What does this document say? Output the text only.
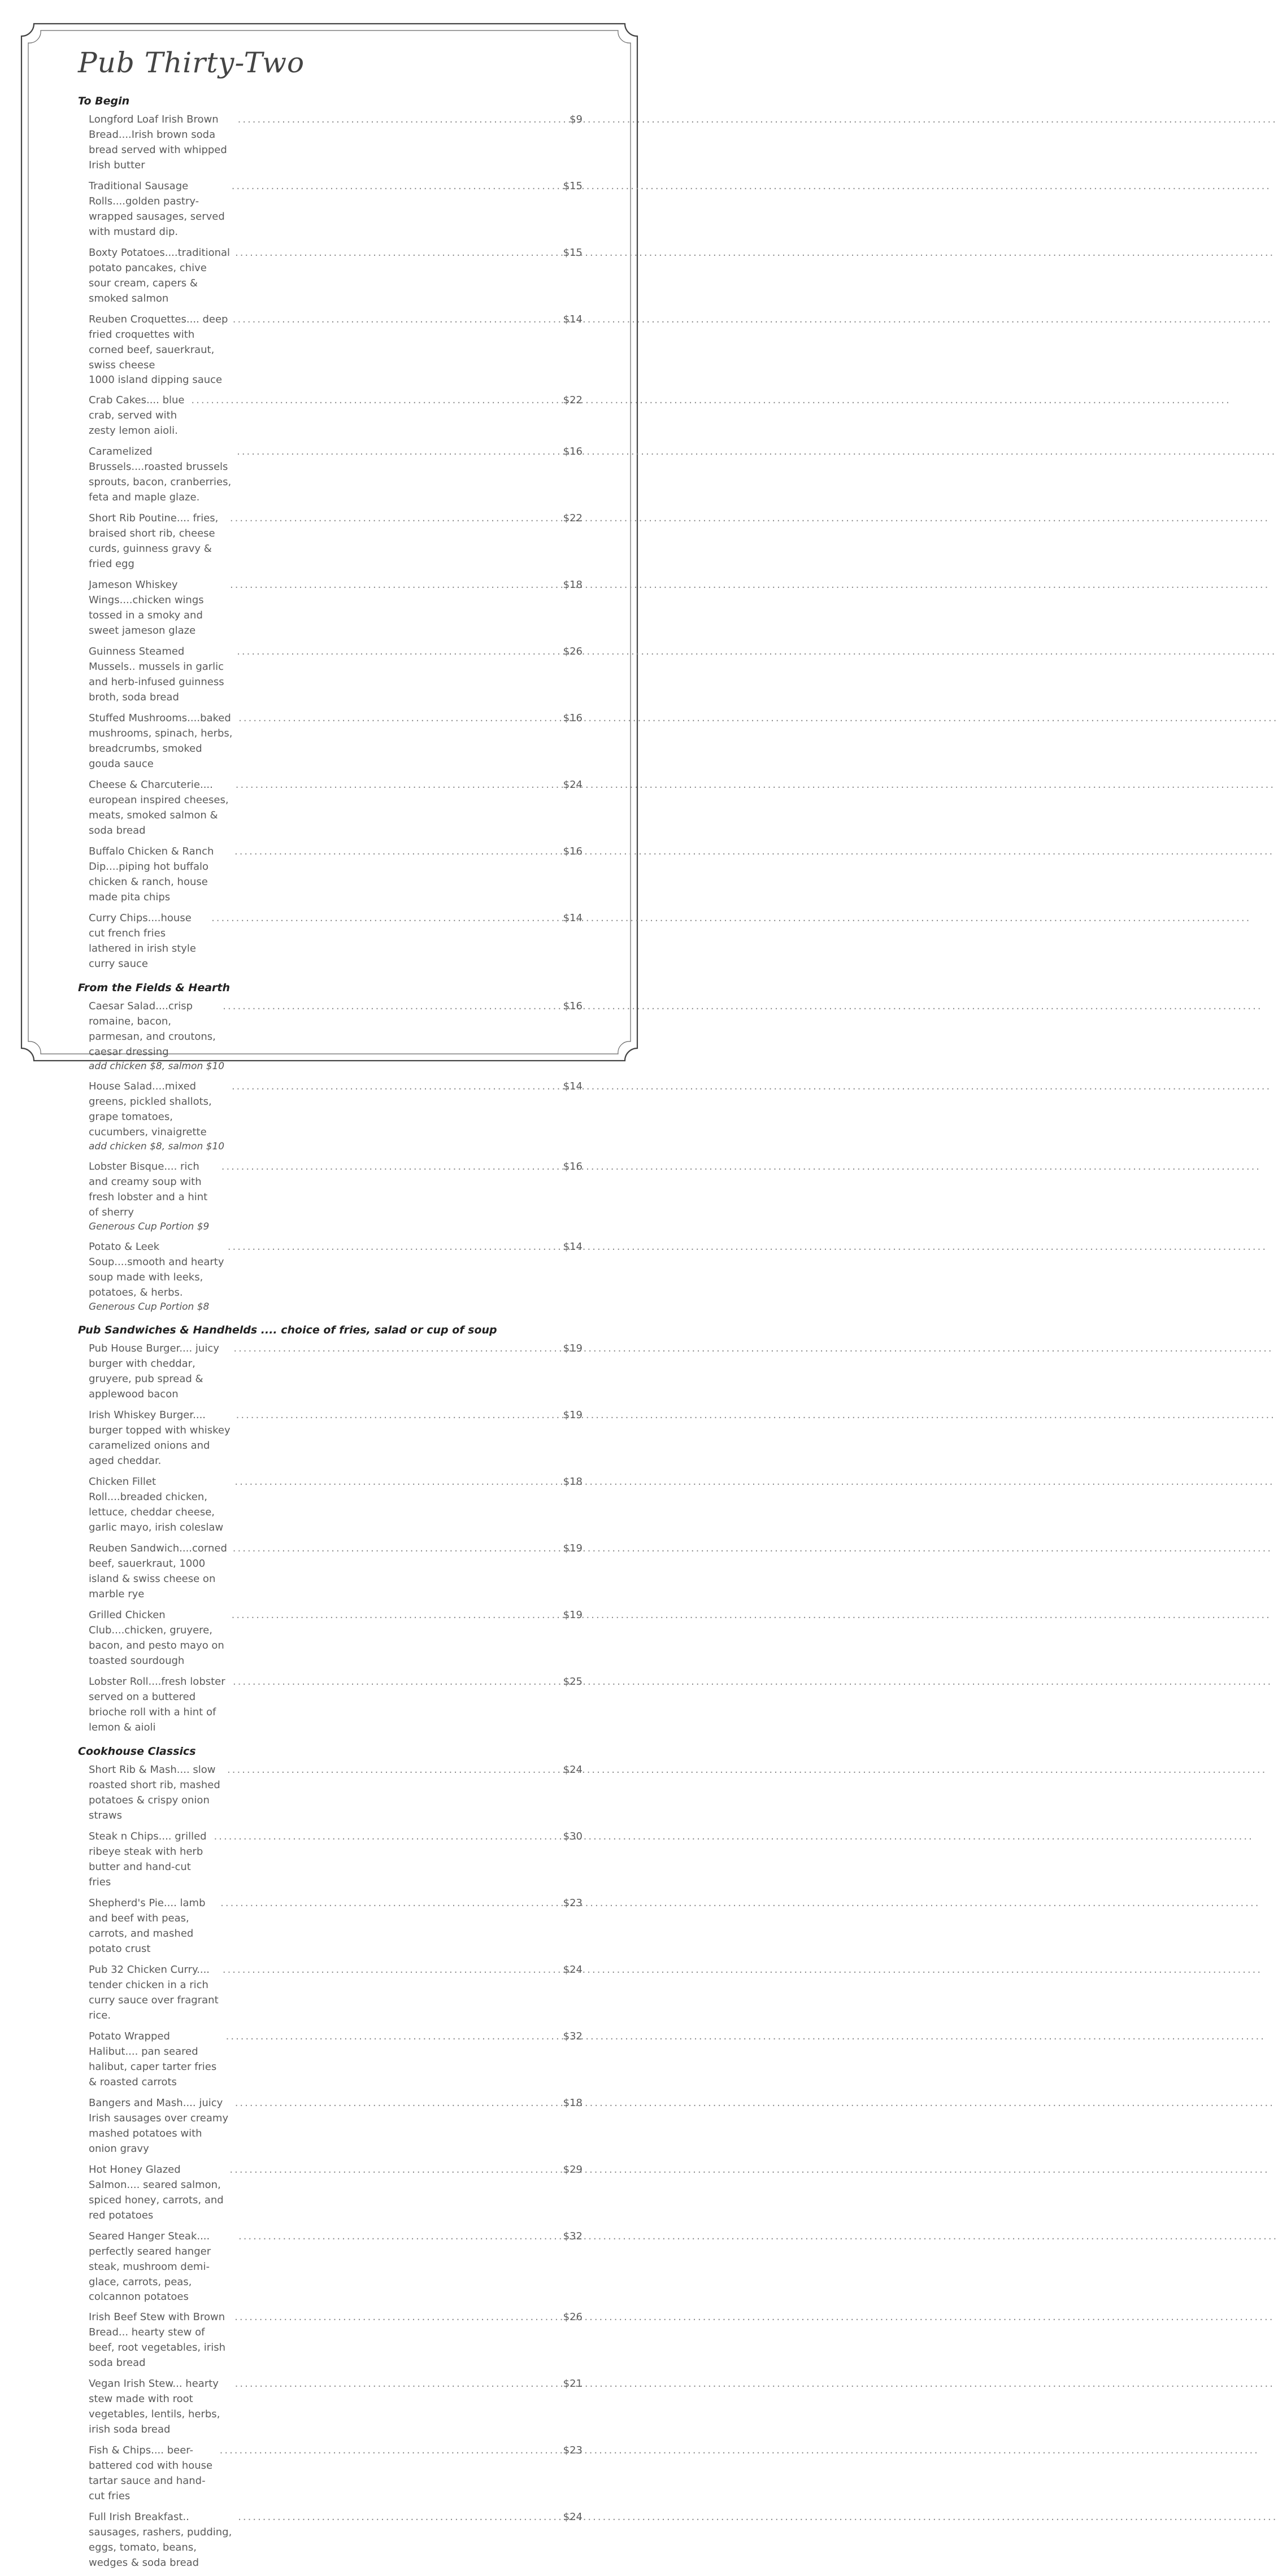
Pub Thirty-Two
To Begin
Longford Loaf Irish Brown Bread....Irish brown soda bread served with whipped Irish butter
.....
$9
Traditional Sausage Rolls....golden pastry-wrapped sausages, served with mustard dip.
.....
$15
Boxty Potatoes....traditional potato pancakes, chive sour cream, capers & smoked salmon
.....
$15
Reuben Croquettes.... deep fried croquettes with corned beef, sauerkraut, swiss cheese
.....
$14
1000 island dipping sauce
Crab Cakes.... blue crab, served with zesty lemon aioli.
.....
$22
Caramelized Brussels....roasted brussels sprouts, bacon, cranberries, feta and maple glaze.
.....
$16
Short Rib Poutine.... fries, braised short rib, cheese curds, guinness gravy & fried egg
.....
$22
Jameson Whiskey Wings....chicken wings tossed in a smoky and sweet jameson glaze
.....
$18
Guinness Steamed Mussels.. mussels in garlic and herb-infused guinness broth, soda bread
.....
$26
Stuffed Mushrooms....baked mushrooms, spinach, herbs, breadcrumbs, smoked gouda sauce
.....
$16
Cheese & Charcuterie.... european inspired cheeses, meats, smoked salmon & soda bread
.....
$24
Buffalo Chicken & Ranch Dip....piping hot buffalo chicken & ranch, house made pita chips
.....
$16
Curry Chips....house cut french fries lathered in irish style curry sauce
.....
$14
From the Fields & Hearth
Caesar Salad....crisp romaine, bacon, parmesan, and croutons, caesar dressing
.....
$16
add chicken $8, salmon $10
House Salad....mixed greens, pickled shallots, grape tomatoes, cucumbers, vinaigrette
.....
$14
add chicken $8, salmon $10
Lobster Bisque.... rich and creamy soup with fresh lobster and a hint of sherry
.....
$16
Generous Cup Portion $9
Potato & Leek Soup....smooth and hearty soup made with leeks, potatoes, & herbs.
.....
$14
Generous Cup Portion $8
Pub Sandwiches & Handhelds .... choice of fries, salad or cup of soup
Pub House Burger.... juicy burger with cheddar, gruyere, pub spread & applewood bacon
.....
$19
Irish Whiskey Burger.... burger topped with whiskey caramelized onions and aged cheddar.
.....
$19
Chicken Fillet Roll....breaded chicken, lettuce, cheddar cheese, garlic mayo, irish coleslaw
.....
$18
Reuben Sandwich....corned beef, sauerkraut, 1000 island & swiss cheese on marble rye
.....
$19
Grilled Chicken Club....chicken, gruyere, bacon, and pesto mayo on toasted sourdough
.....
$19
Lobster Roll....fresh lobster served on a buttered brioche roll with a hint of lemon & aioli
.....
$25
Cookhouse Classics
Short Rib & Mash.... slow roasted short rib, mashed potatoes & crispy onion straws
.....
$24
Steak n Chips.... grilled ribeye steak with herb butter and hand-cut fries
.....
$30
Shepherd's Pie.... lamb and beef with peas, carrots, and mashed potato crust
.....
$23
Pub 32 Chicken Curry.... tender chicken in a rich curry sauce over fragrant rice.
.....
$24
Potato Wrapped Halibut.... pan seared halibut, caper tarter fries & roasted carrots
.....
$32
Bangers and Mash.... juicy Irish sausages over creamy mashed potatoes with onion gravy
.....
$18
Hot Honey Glazed Salmon.... seared salmon, spiced honey, carrots, and red potatoes
.....
$29
Seared Hanger Steak.... perfectly seared hanger steak, mushroom demi-glace, carrots, peas,
.....
$32
colcannon potatoes
Irish Beef Stew with Brown Bread... hearty stew of beef, root vegetables, irish soda bread
.....
$26
Vegan Irish Stew... hearty stew made with root vegetables, lentils, herbs, irish soda bread
.....
$21
Fish & Chips.... beer-battered cod with house tartar sauce and hand-cut fries
.....
$23
Full Irish Breakfast.. sausages, rashers, pudding, eggs, tomato, beans, wedges & soda bread
.....
$24
